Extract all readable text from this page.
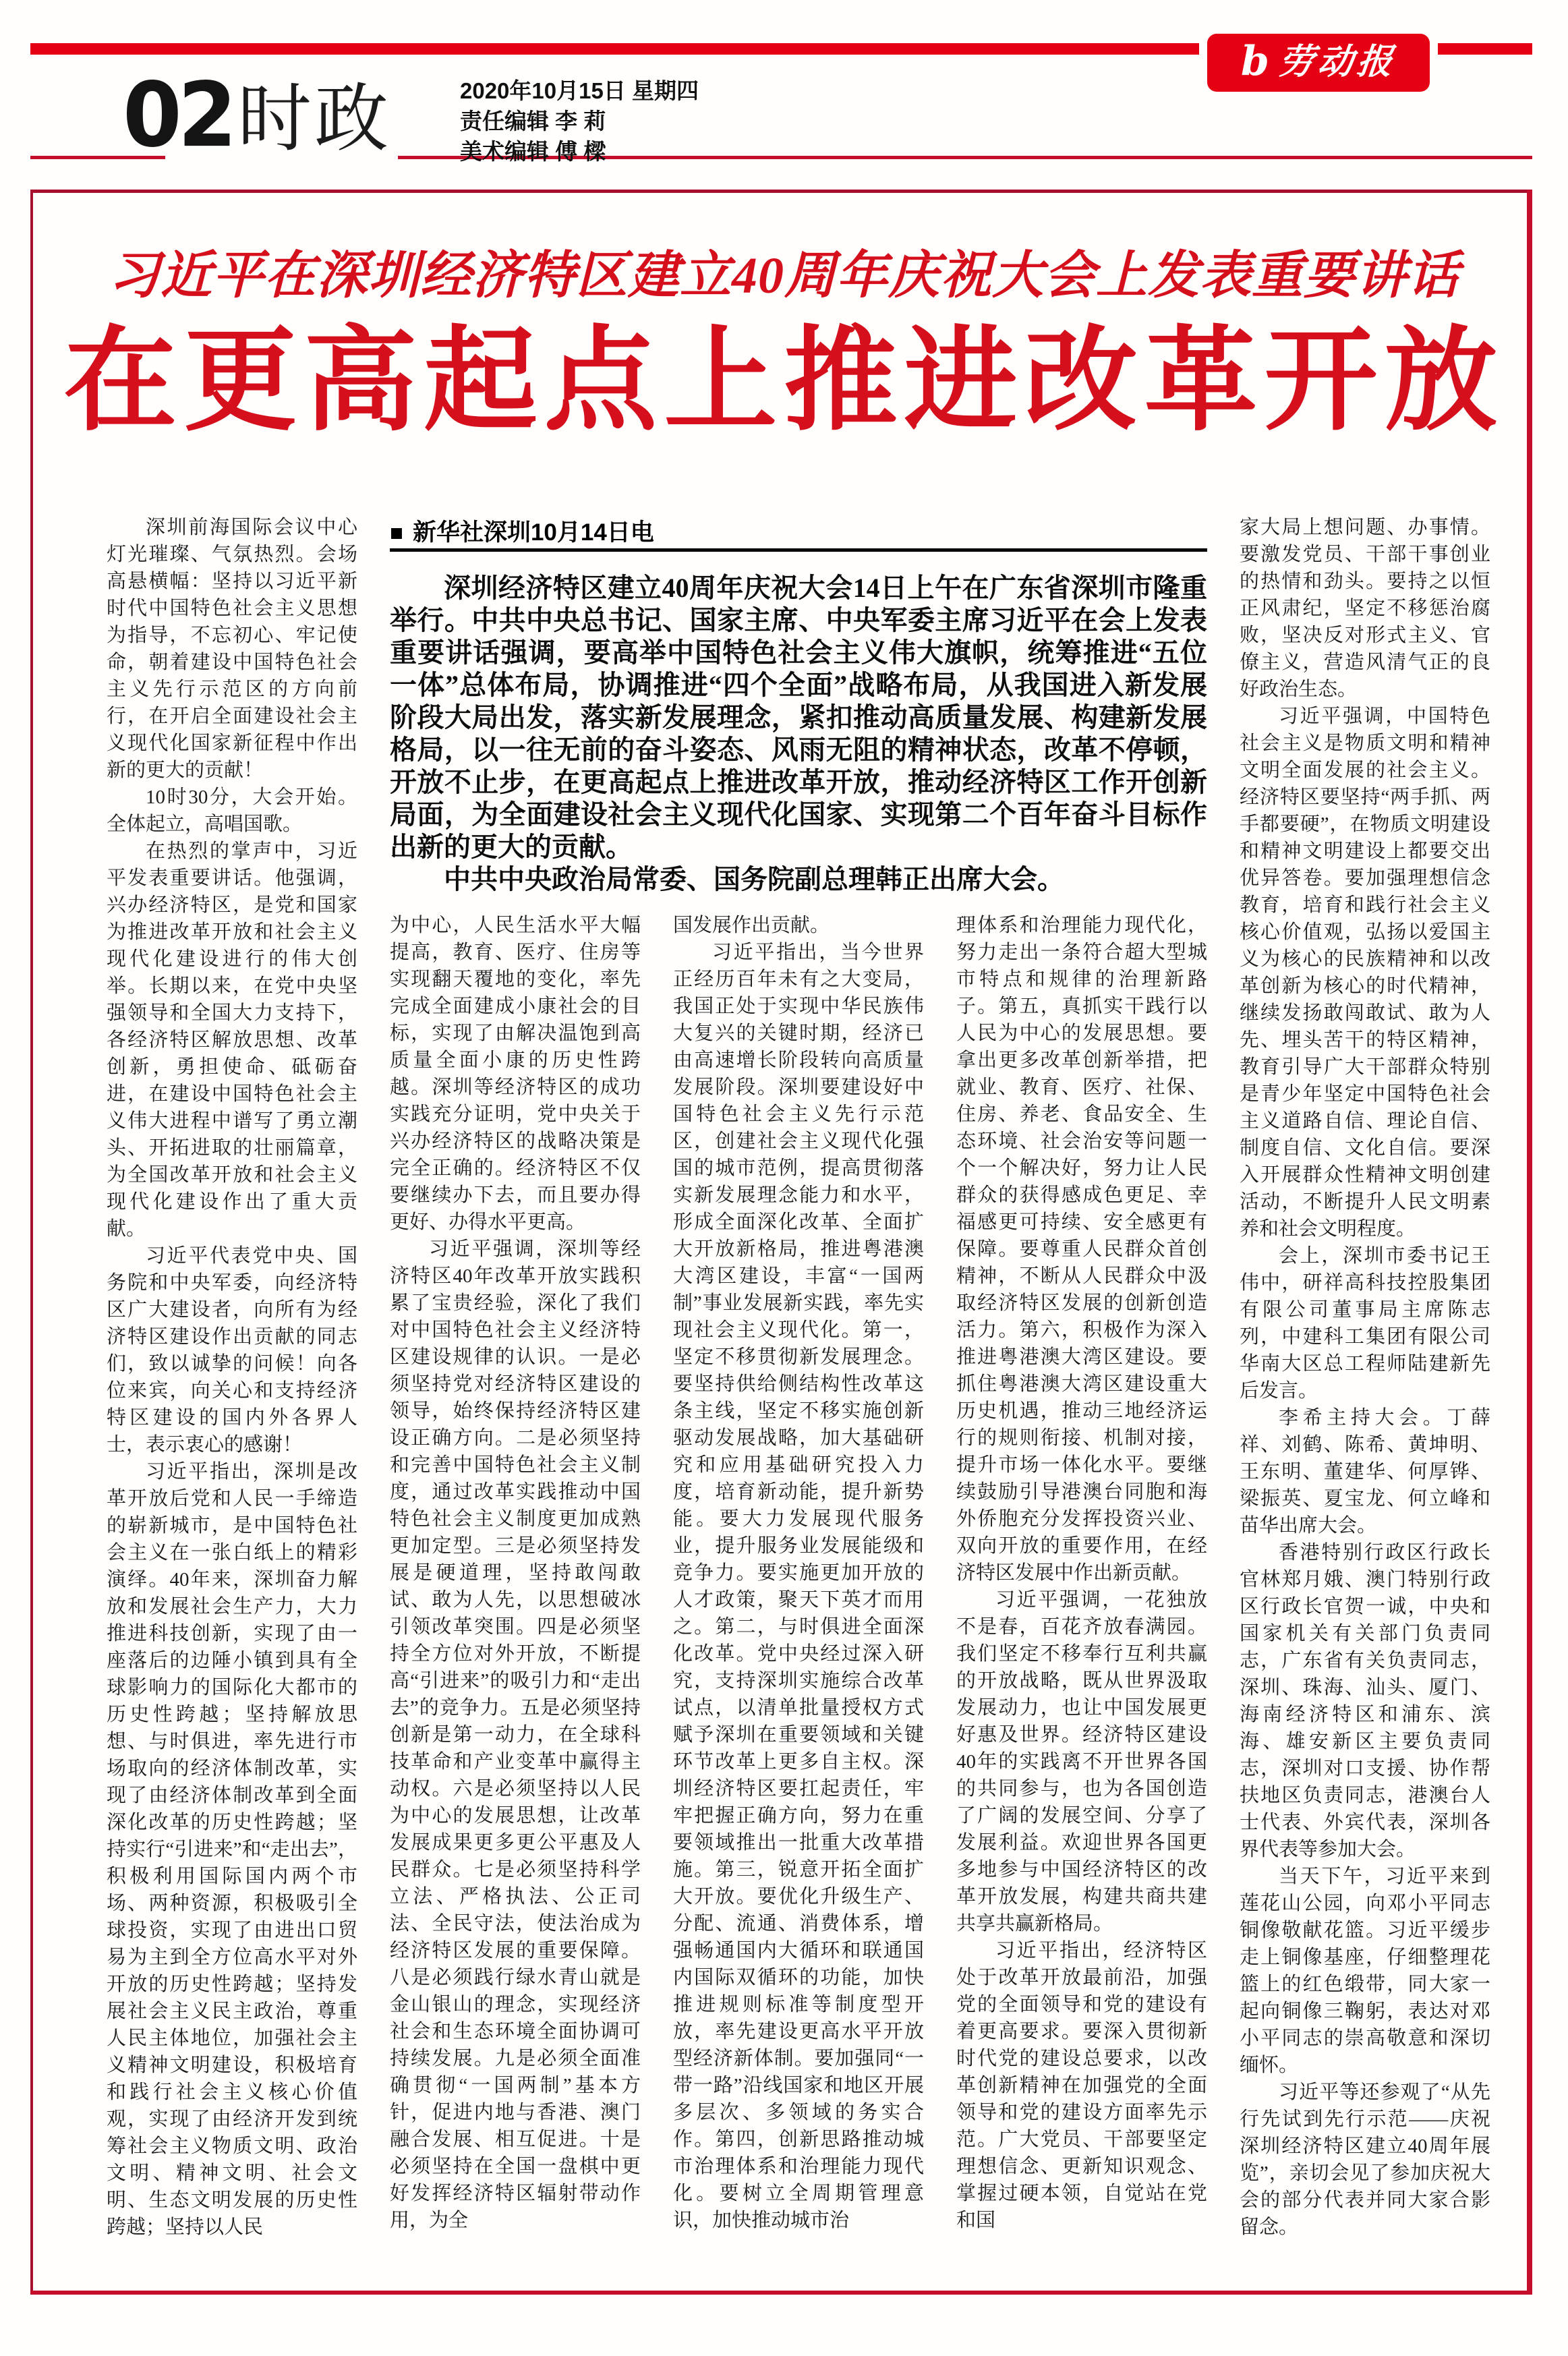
b 劳动报
02 时政	2020年10月15日 星期四
责任编辑 李 莉
美术编辑 傅 樑
习近平在深圳经济特区建立40周年庆祝大会上发表重要讲话
在更高起点上推进改革开放
■ 新华社深圳10月14日电

深圳经济特区建立40周年庆祝大会14日上午在广东省深圳市隆重举行。中共中央总书记、国家主席、中央军委主席习近平在会上发表重要讲话强调，要高举中国特色社会主义伟大旗帜，统筹推进“五位一体”总体布局，协调推进“四个全面”战略布局，从我国进入新发展阶段大局出发，落实新发展理念，紧扣推动高质量发展、构建新发展格局，以一往无前的奋斗姿态、风雨无阻的精神状态，改革不停顿，开放不止步，在更高起点上推进改革开放，推动经济特区工作开创新局面，为全面建设社会主义现代化国家、实现第二个百年奋斗目标作出新的更大的贡献。

中共中央政治局常委、国务院副总理韩正出席大会。

深圳前海国际会议中心灯光璀璨、气氛热烈。会场高悬横幅：坚持以习近平新时代中国特色社会主义思想为指导，不忘初心、牢记使命，朝着建设中国特色社会主义先行示范区的方向前行，在开启全面建设社会主义现代化国家新征程中作出新的更大的贡献！

10时30分，大会开始。全体起立，高唱国歌。

在热烈的掌声中，习近平发表重要讲话。他强调，兴办经济特区，是党和国家为推进改革开放和社会主义现代化建设进行的伟大创举。长期以来，在党中央坚强领导和全国大力支持下，各经济特区解放思想、改革创新，勇担使命、砥砺奋进，在建设中国特色社会主义伟大进程中谱写了勇立潮头、开拓进取的壮丽篇章，为全国改革开放和社会主义现代化建设作出了重大贡献。

习近平代表党中央、国务院和中央军委，向经济特区广大建设者，向所有为经济特区建设作出贡献的同志们，致以诚挚的问候！向各位来宾，向关心和支持经济特区建设的国内外各界人士，表示衷心的感谢！

习近平指出，深圳是改革开放后党和人民一手缔造的崭新城市，是中国特色社会主义在一张白纸上的精彩演绎。40年来，深圳奋力解放和发展社会生产力，大力推进科技创新，实现了由一座落后的边陲小镇到具有全球影响力的国际化大都市的历史性跨越；坚持解放思想、与时俱进，率先进行市场取向的经济体制改革，实现了由经济体制改革到全面深化改革的历史性跨越；坚持实行“引进来”和“走出去”，积极利用国际国内两个市场、两种资源，积极吸引全球投资，实现了由进出口贸易为主到全方位高水平对外开放的历史性跨越；坚持发展社会主义民主政治，尊重人民主体地位，加强社会主义精神文明建设，积极培育和践行社会主义核心价值观，实现了由经济开发到统筹社会主义物质文明、政治文明、精神文明、社会文明、生态文明发展的历史性跨越；坚持以人民

为中心，人民生活水平大幅提高，教育、医疗、住房等实现翻天覆地的变化，率先完成全面建成小康社会的目标，实现了由解决温饱到高质量全面小康的历史性跨越。深圳等经济特区的成功实践充分证明，党中央关于兴办经济特区的战略决策是完全正确的。经济特区不仅要继续办下去，而且要办得更好、办得水平更高。

习近平强调，深圳等经济特区40年改革开放实践积累了宝贵经验，深化了我们对中国特色社会主义经济特区建设规律的认识。一是必须坚持党对经济特区建设的领导，始终保持经济特区建设正确方向。二是必须坚持和完善中国特色社会主义制度，通过改革实践推动中国特色社会主义制度更加成熟更加定型。三是必须坚持发展是硬道理，坚持敢闯敢试、敢为人先，以思想破冰引领改革突围。四是必须坚持全方位对外开放，不断提高“引进来”的吸引力和“走出去”的竞争力。五是必须坚持创新是第一动力，在全球科技革命和产业变革中赢得主动权。六是必须坚持以人民为中心的发展思想，让改革发展成果更多更公平惠及人民群众。七是必须坚持科学立法、严格执法、公正司法、全民守法，使法治成为经济特区发展的重要保障。八是必须践行绿水青山就是金山银山的理念，实现经济社会和生态环境全面协调可持续发展。九是必须全面准确贯彻“一国两制”基本方针，促进内地与香港、澳门融合发展、相互促进。十是必须坚持在全国一盘棋中更好发挥经济特区辐射带动作用，为全

国发展作出贡献。

习近平指出，当今世界正经历百年未有之大变局，我国正处于实现中华民族伟大复兴的关键时期，经济已由高速增长阶段转向高质量发展阶段。深圳要建设好中国特色社会主义先行示范区，创建社会主义现代化强国的城市范例，提高贯彻落实新发展理念能力和水平，形成全面深化改革、全面扩大开放新格局，推进粤港澳大湾区建设，丰富“一国两制”事业发展新实践，率先实现社会主义现代化。第一，坚定不移贯彻新发展理念。要坚持供给侧结构性改革这条主线，坚定不移实施创新驱动发展战略，加大基础研究和应用基础研究投入力度，培育新动能，提升新势能。要大力发展现代服务业，提升服务业发展能级和竞争力。要实施更加开放的人才政策，聚天下英才而用之。第二，与时俱进全面深化改革。党中央经过深入研究，支持深圳实施综合改革试点，以清单批量授权方式赋予深圳在重要领域和关键环节改革上更多自主权。深圳经济特区要扛起责任，牢牢把握正确方向，努力在重要领域推出一批重大改革措施。第三，锐意开拓全面扩大开放。要优化升级生产、分配、流通、消费体系，增强畅通国内大循环和联通国内国际双循环的功能，加快推进规则标准等制度型开放，率先建设更高水平开放型经济新体制。要加强同“一带一路”沿线国家和地区开展多层次、多领域的务实合作。第四，创新思路推动城市治理体系和治理能力现代化。要树立全周期管理意识，加快推动城市治

理体系和治理能力现代化，努力走出一条符合超大型城市特点和规律的治理新路子。第五，真抓实干践行以人民为中心的发展思想。要拿出更多改革创新举措，把就业、教育、医疗、社保、住房、养老、食品安全、生态环境、社会治安等问题一个一个解决好，努力让人民群众的获得感成色更足、幸福感更可持续、安全感更有保障。要尊重人民群众首创精神，不断从人民群众中汲取经济特区发展的创新创造活力。第六，积极作为深入推进粤港澳大湾区建设。要抓住粤港澳大湾区建设重大历史机遇，推动三地经济运行的规则衔接、机制对接，提升市场一体化水平。要继续鼓励引导港澳台同胞和海外侨胞充分发挥投资兴业、双向开放的重要作用，在经济特区发展中作出新贡献。

习近平强调，一花独放不是春，百花齐放春满园。我们坚定不移奉行互利共赢的开放战略，既从世界汲取发展动力，也让中国发展更好惠及世界。经济特区建设40年的实践离不开世界各国的共同参与，也为各国创造了广阔的发展空间、分享了发展利益。欢迎世界各国更多地参与中国经济特区的改革开放发展，构建共商共建共享共赢新格局。

习近平指出，经济特区处于改革开放最前沿，加强党的全面领导和党的建设有着更高要求。要深入贯彻新时代党的建设总要求，以改革创新精神在加强党的全面领导和党的建设方面率先示范。广大党员、干部要坚定理想信念、更新知识观念、掌握过硬本领，自觉站在党和国

家大局上想问题、办事情。要激发党员、干部干事创业的热情和劲头。要持之以恒正风肃纪，坚定不移惩治腐败，坚决反对形式主义、官僚主义，营造风清气正的良好政治生态。

习近平强调，中国特色社会主义是物质文明和精神文明全面发展的社会主义。经济特区要坚持“两手抓、两手都要硬”，在物质文明建设和精神文明建设上都要交出优异答卷。要加强理想信念教育，培育和践行社会主义核心价值观，弘扬以爱国主义为核心的民族精神和以改革创新为核心的时代精神，继续发扬敢闯敢试、敢为人先、埋头苦干的特区精神，教育引导广大干部群众特别是青少年坚定中国特色社会主义道路自信、理论自信、制度自信、文化自信。要深入开展群众性精神文明创建活动，不断提升人民文明素养和社会文明程度。

会上，深圳市委书记王伟中，研祥高科技控股集团有限公司董事局主席陈志列，中建科工集团有限公司华南大区总工程师陆建新先后发言。

李希主持大会。丁薛祥、刘鹤、陈希、黄坤明、王东明、董建华、何厚铧、梁振英、夏宝龙、何立峰和苗华出席大会。

香港特别行政区行政长官林郑月娥、澳门特别行政区行政长官贺一诚，中央和国家机关有关部门负责同志，广东省有关负责同志，深圳、珠海、汕头、厦门、海南经济特区和浦东、滨海、雄安新区主要负责同志，深圳对口支援、协作帮扶地区负责同志，港澳台人士代表、外宾代表，深圳各界代表等参加大会。

当天下午，习近平来到莲花山公园，向邓小平同志铜像敬献花篮。习近平缓步走上铜像基座，仔细整理花篮上的红色缎带，同大家一起向铜像三鞠躬，表达对邓小平同志的崇高敬意和深切缅怀。

习近平等还参观了“从先行先试到先行示范——庆祝深圳经济特区建立40周年展览”，亲切会见了参加庆祝大会的部分代表并同大家合影留念。
